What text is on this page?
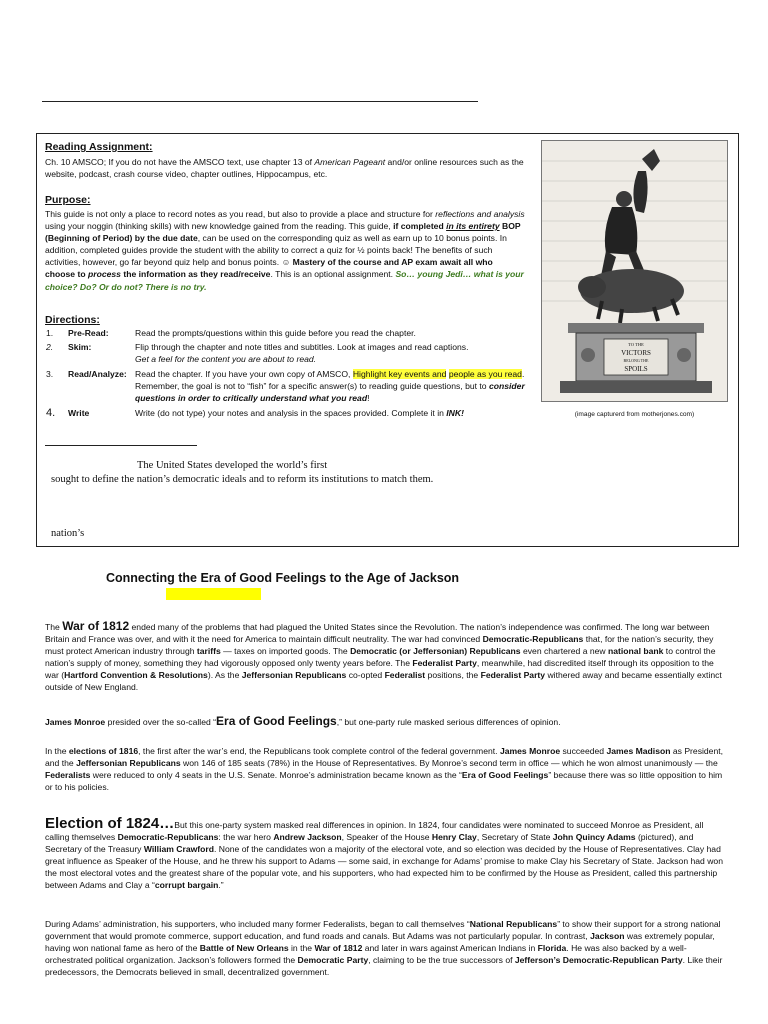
Reading Assignment:
Ch. 10 AMSCO; If you do not have the AMSCO text, use chapter 13 of American Pageant and/or online resources such as the website, podcast, crash course video, chapter outlines, Hippocampus, etc.
Purpose:
This guide is not only a place to record notes as you read, but also to provide a place and structure for reflections and analysis using your noggin (thinking skills) with new knowledge gained from the reading. This guide, if completed in its entirety BOP (Beginning of Period) by the due date, can be used on the corresponding quiz as well as earn up to 10 bonus points. In addition, completed guides provide the student with the ability to correct a quiz for ½ points back! The benefits of such activities, however, go far beyond quiz help and bonus points. ☺ Mastery of the course and AP exam await all who choose to process the information as they read/receive. This is an optional assignment. So… young Jedi… what is your choice? Do? Or do not? There is no try.
Directions:
1. Pre-Read:	Read the prompts/questions within this guide before you read the chapter.
2. Skim:	Flip through the chapter and note titles and subtitles. Look at images and read captions.
Get a feel for the content you are about to read.
3. Read/Analyze: Read the chapter. If you have your own copy of AMSCO, Highlight key events and people as you read. Remember, the goal is not to “fish” for a specific answer(s) to reading guide questions, but to consider questions in order to critically understand what you read!
4. Write	Write (do not type) your notes and analysis in the spaces provided. Complete it in INK!
TO THE
VICTORS
BELONG THE
SPOILS
(image capturerd from motherjones.com)
The United States developed the world’s first
sought to define the nation’s democratic ideals and to reform its institutions to match them.
nation’s
Connecting the Era of Good Feelings to the Age of Jackson
The War of 1812 ended many of the problems that had plagued the United States since the Revolution. The nation’s independence was confirmed. The long war between Britain and France was over, and with it the need for America to maintain difficult neutrality. The war had convinced Democratic-Republicans that, for the nation’s security, they must protect American industry through tariffs — taxes on imported goods. The Democratic (or Jeffersonian) Republicans even chartered a new national bank to control the nation’s supply of money, something they had vigorously opposed only twenty years before. The Federalist Party, meanwhile, had discredited itself through its opposition to the war (Hartford Convention & Resolutions). As the Jeffersonian Republicans co-opted Federalist positions, the Federalist Party withered away and became essentially extinct outside of New England.
James Monroe presided over the so-called “Era of Good Feelings,” but one-party rule masked serious differences of opinion.
In the elections of 1816, the first after the war’s end, the Republicans took complete control of the federal government. James Monroe succeeded James Madison as President, and the Jeffersonian Republicans won 146 of 185 seats (78%) in the House of Representatives. By Monroe’s second term in office — which he won almost unanimously — the Federalists were reduced to only 4 seats in the U.S. Senate. Monroe’s administration became known as the “Era of Good Feelings” because there was so little opposition to him or to his policies.
Election of 1824…But this one-party system masked real differences in opinion. In 1824, four candidates were nominated to succeed Monroe as President, all calling themselves Democratic-Republicans: the war hero Andrew Jackson, Speaker of the House Henry Clay, Secretary of State John Quincy Adams (pictured), and Secretary of the Treasury William Crawford. None of the candidates won a majority of the electoral vote, and so election was decided by the House of Representatives. Clay had great influence as Speaker of the House, and he threw his support to Adams — some said, in exchange for Adams’ promise to make Clay his Secretary of State. Jackson had won the most electoral votes and the greatest share of the popular vote, and his supporters, who had expected him to be confirmed by the House as President, called this partnership between Adams and Clay a “corrupt bargain.”
During Adams’ administration, his supporters, who included many former Federalists, began to call themselves “National Republicans” to show their support for a strong national government that would promote commerce, support education, and fund roads and canals. But Adams was not particularly popular. In contrast, Jackson was extremely popular, having won national fame as hero of the Battle of New Orleans in the War of 1812 and later in wars against American Indians in Florida. He was also backed by a well-orchestrated political organization. Jackson’s followers formed the Democratic Party, claiming to be the true successors of Jefferson’s Democratic-Republican Party. Like their predecessors, the Democrats believed in small, decentralized government.
